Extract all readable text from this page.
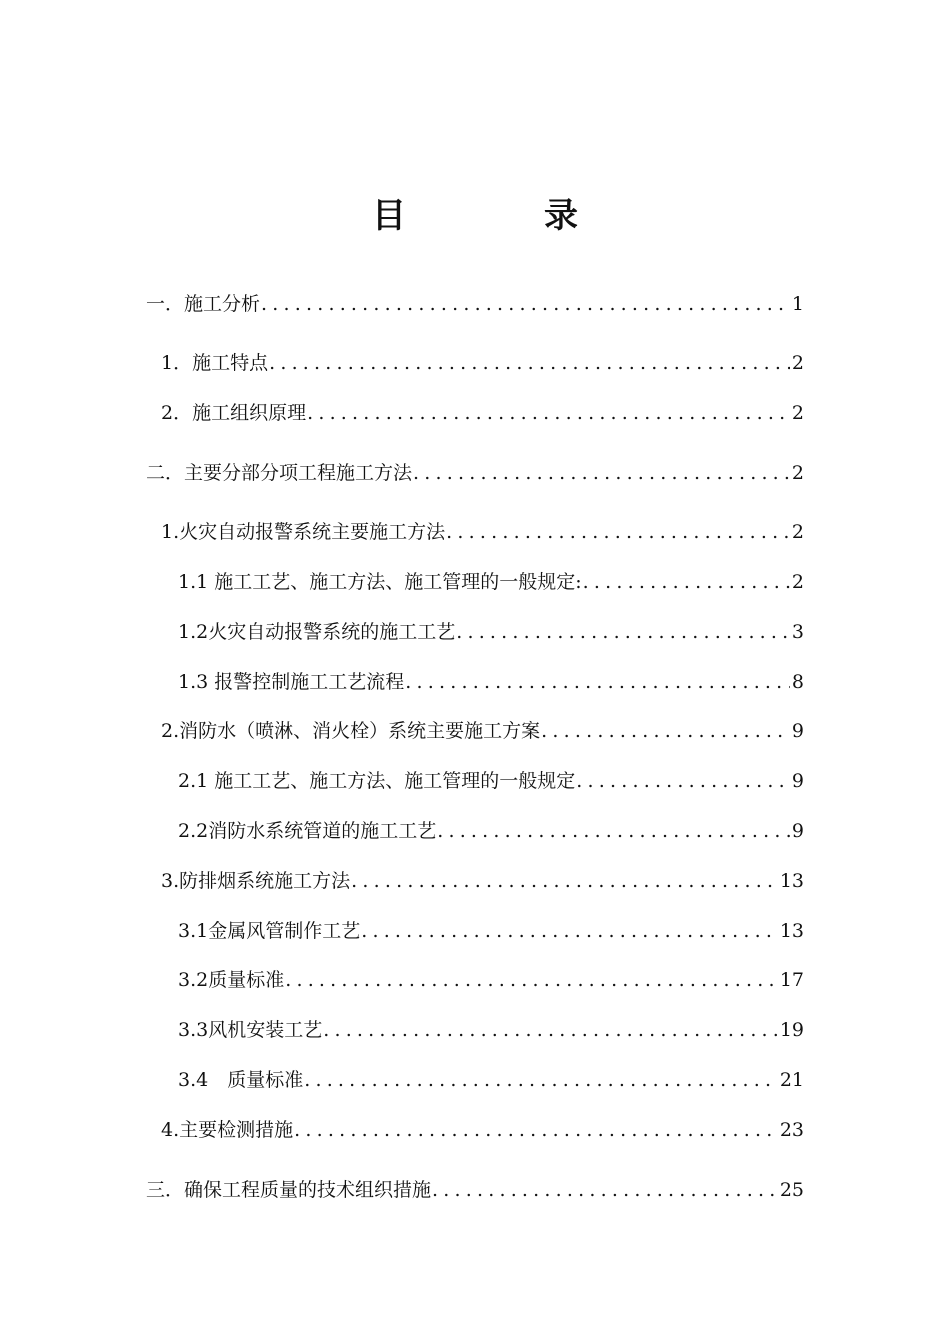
目　录
一．施工分析 .....	1
1．施工特点 .....	2
2．施工组织原理 .....	2
二．主要分部分项工程施工方法 .....	2
1.火灾自动报警系统主要施工方法 .....	2
1.1 施工工艺、施工方法、施工管理的一般规定: .....	2
1.2火灾自动报警系统的施工工艺 .....	3
1.3 报警控制施工工艺流程 .....	8
2.消防水（喷淋、消火栓）系统主要施工方案 .....	9
2.1 施工工艺、施工方法、施工管理的一般规定 .....	9
2.2消防水系统管道的施工工艺 .....	9
3.防排烟系统施工方法 .....	13
3.1金属风管制作工艺 .....	13
3.2质量标准 .....	17
3.3风机安装工艺 .....	19
3.4　质量标准 .....	21
4.主要检测措施 .....	23
三．确保工程质量的技术组织措施 .....	25
